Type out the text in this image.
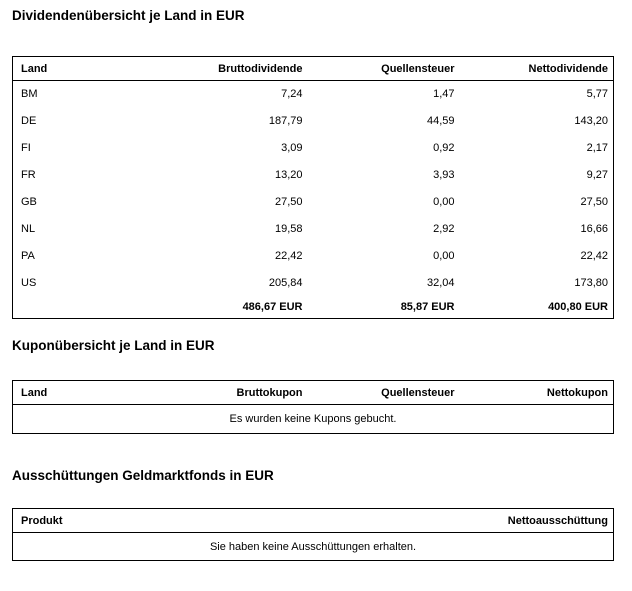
Dividendenübersicht je Land in EUR
Land	Bruttodividende	Quellensteuer	Nettodividende
BM	7,24	1,47	5,77
DE	187,79	44,59	143,20
FI	3,09	0,92	2,17
FR	13,20	3,93	9,27
GB	27,50	0,00	27,50
NL	19,58	2,92	16,66
PA	22,42	0,00	22,42
US	205,84	32,04	173,80
	486,67 EUR	85,87 EUR	400,80 EUR
Kuponübersicht je Land in EUR
Land	Bruttokupon	Quellensteuer	Nettokupon
Es wurden keine Kupons gebucht.
Ausschüttungen Geldmarktfonds in EUR
Produkt	Nettoausschüttung
Sie haben keine Ausschüttungen erhalten.
